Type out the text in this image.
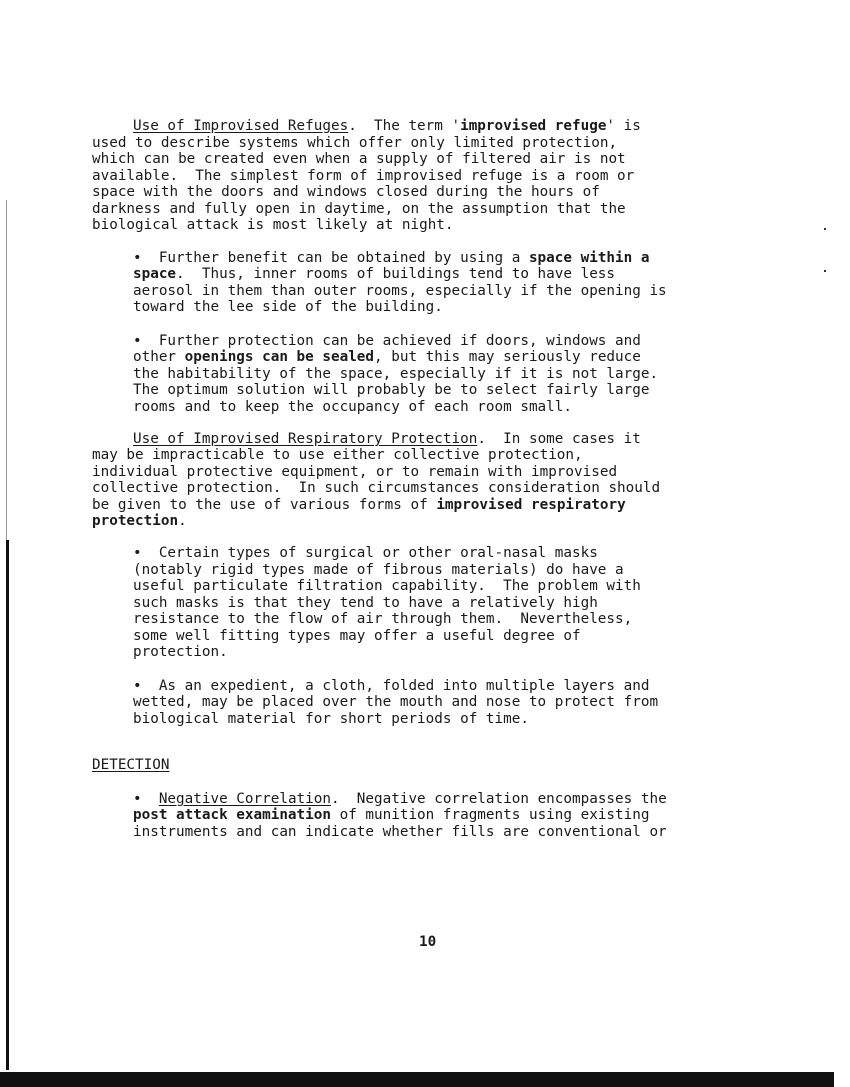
Use of Improvised Refuges.  The term 'improvised refuge' is
used to describe systems which offer only limited protection,
which can be created even when a supply of filtered air is not
available.  The simplest form of improvised refuge is a room or
space with the doors and windows closed during the hours of
darkness and fully open in daytime, on the assumption that the
biological attack is most likely at night.
•  Further benefit can be obtained by using a space within a
space.  Thus, inner rooms of buildings tend to have less
aerosol in them than outer rooms, especially if the opening is
toward the lee side of the building.
•  Further protection can be achieved if doors, windows and
other openings can be sealed, but this may seriously reduce
the habitability of the space, especially if it is not large.
The optimum solution will probably be to select fairly large
rooms and to keep the occupancy of each room small.
Use of Improvised Respiratory Protection.  In some cases it
may be impracticable to use either collective protection,
individual protective equipment, or to remain with improvised
collective protection.  In such circumstances consideration should
be given to the use of various forms of improvised respiratory
protection.
•  Certain types of surgical or other oral-nasal masks
(notably rigid types made of fibrous materials) do have a
useful particulate filtration capability.  The problem with
such masks is that they tend to have a relatively high
resistance to the flow of air through them.  Nevertheless,
some well fitting types may offer a useful degree of
protection.
•  As an expedient, a cloth, folded into multiple layers and
wetted, may be placed over the mouth and nose to protect from
biological material for short periods of time.
DETECTION
•  Negative Correlation.  Negative correlation encompasses the
post attack examination of munition fragments using existing
instruments and can indicate whether fills are conventional or
10
